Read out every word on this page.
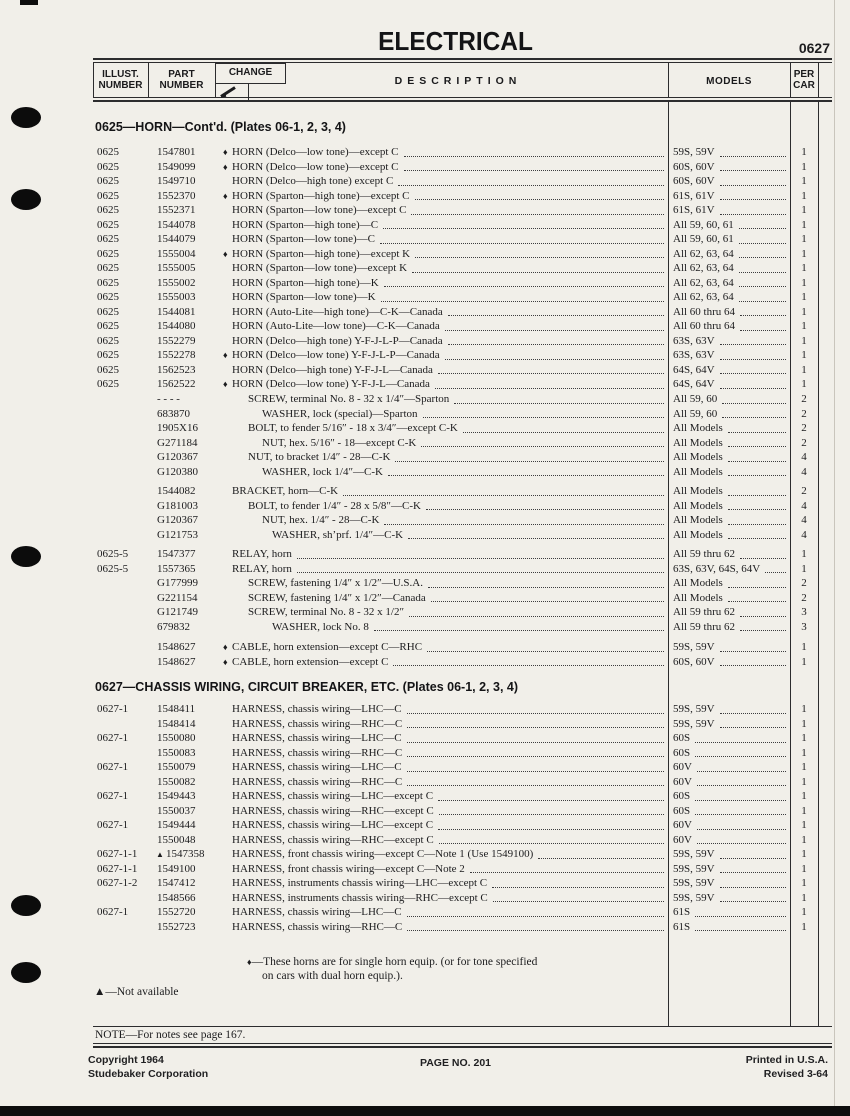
ELECTRICAL	0627
ILLUST.
NUMBER
PART
NUMBER
CHANGE
DESCRIPTION	MODELS
PER
CAR
0625—HORN—Cont'd. (Plates 06-1, 2, 3, 4)
0627—CHASSIS WIRING, CIRCUIT BREAKER, ETC. (Plates 06-1, 2, 3, 4)
0625	1547801	♦ HORN (Delco—low tone)—except C	59S, 59V	1
0625	1549099	♦ HORN (Delco—low tone)—except C	60S, 60V	1
0625	1549710	HORN (Delco—high tone) except C	60S, 60V	1
0625	1552370	♦ HORN (Sparton—high tone)—except C	61S, 61V	1
0625	1552371	HORN (Sparton—low tone)—except C	61S, 61V	1
0625	1544078	HORN (Sparton—high tone)—C	All 59, 60, 61	1
0625	1544079	HORN (Sparton—low tone)—C	All 59, 60, 61	1
0625	1555004	♦ HORN (Sparton—high tone)—except K	All 62, 63, 64	1
0625	1555005	HORN (Sparton—low tone)—except K	All 62, 63, 64	1
0625	1555002	HORN (Sparton—high tone)—K	All 62, 63, 64	1
0625	1555003	HORN (Sparton—low tone)—K	All 62, 63, 64	1
0625	1544081	HORN (Auto-Lite—high tone)—C-K—Canada	All 60 thru 64	1
0625	1544080	HORN (Auto-Lite—low tone)—C-K—Canada	All 60 thru 64	1
0625	1552279	HORN (Delco—high tone) Y-F-J-L-P—Canada	63S, 63V	1
0625	1552278	♦ HORN (Delco—low tone) Y-F-J-L-P—Canada	63S, 63V	1
0625	1562523	HORN (Delco—high tone) Y-F-J-L—Canada	64S, 64V	1
0625	1562522	♦ HORN (Delco—low tone) Y-F-J-L—Canada	64S, 64V	1
- - - -	SCREW, terminal No. 8 - 32 x 1/4″—Sparton	All 59, 60	2
683870	WASHER, lock (special)—Sparton	All 59, 60	2
1905X16	BOLT, to fender 5/16″ - 18 x 3/4″—except C-K	All Models	2
G271184	NUT, hex. 5/16″ - 18—except C-K	All Models	2
G120367	NUT, to bracket 1/4″ - 28—C-K	All Models	4
G120380	WASHER, lock 1/4″—C-K	All Models	4
1544082	BRACKET, horn—C-K	All Models	2
G181003	BOLT, to fender 1/4″ - 28 x 5/8″—C-K	All Models	4
G120367	NUT, hex. 1/4″ - 28—C-K	All Models	4
G121753	WASHER, sh’prf. 1/4″—C-K	All Models	4
0625-5	1547377	RELAY, horn	All 59 thru 62	1
0625-5	1557365	RELAY, horn	63S, 63V, 64S, 64V	1
G177999	SCREW, fastening 1/4″ x 1/2″—U.S.A.	All Models	2
G221154	SCREW, fastening 1/4″ x 1/2″—Canada	All Models	2
G121749	SCREW, terminal No. 8 - 32 x 1/2″	All 59 thru 62	3
679832	WASHER, lock No. 8	All 59 thru 62	3
1548627	♦ CABLE, horn extension—except C—RHC	59S, 59V	1
1548627	♦ CABLE, horn extension—except C	60S, 60V	1
0627-1	1548411	HARNESS, chassis wiring—LHC—C	59S, 59V	1
1548414	HARNESS, chassis wiring—RHC—C	59S, 59V	1
0627-1	1550080	HARNESS, chassis wiring—LHC—C	60S	1
1550083	HARNESS, chassis wiring—RHC—C	60S	1
0627-1	1550079	HARNESS, chassis wiring—LHC—C	60V	1
1550082	HARNESS, chassis wiring—RHC—C	60V	1
0627-1	1549443	HARNESS, chassis wiring—LHC—except C	60S	1
1550037	HARNESS, chassis wiring—RHC—except C	60S	1
0627-1	1549444	HARNESS, chassis wiring—LHC—except C	60V	1
1550048	HARNESS, chassis wiring—RHC—except C	60V	1
0627-1-1	▲ 1547358	HARNESS, front chassis wiring—except C—Note 1 (Use 1549100)	59S, 59V	1
0627-1-1	1549100	HARNESS, front chassis wiring—except C—Note 2	59S, 59V	1
0627-1-2	1547412	HARNESS, instruments chassis wiring—LHC—except C	59S, 59V	1
1548566	HARNESS, instruments chassis wiring—RHC—except C	59S, 59V	1
0627-1	1552720	HARNESS, chassis wiring—LHC—C	61S	1
1552723	HARNESS, chassis wiring—RHC—C	61S	1
♦—These horns are for single horn equip. (or for tone specified
on cars with dual horn equip.).
▲—Not available
NOTE—For notes see page 167.
Copyright 1964
Studebaker Corporation
PAGE NO. 201	Printed in U.S.A.
Revised 3-64
